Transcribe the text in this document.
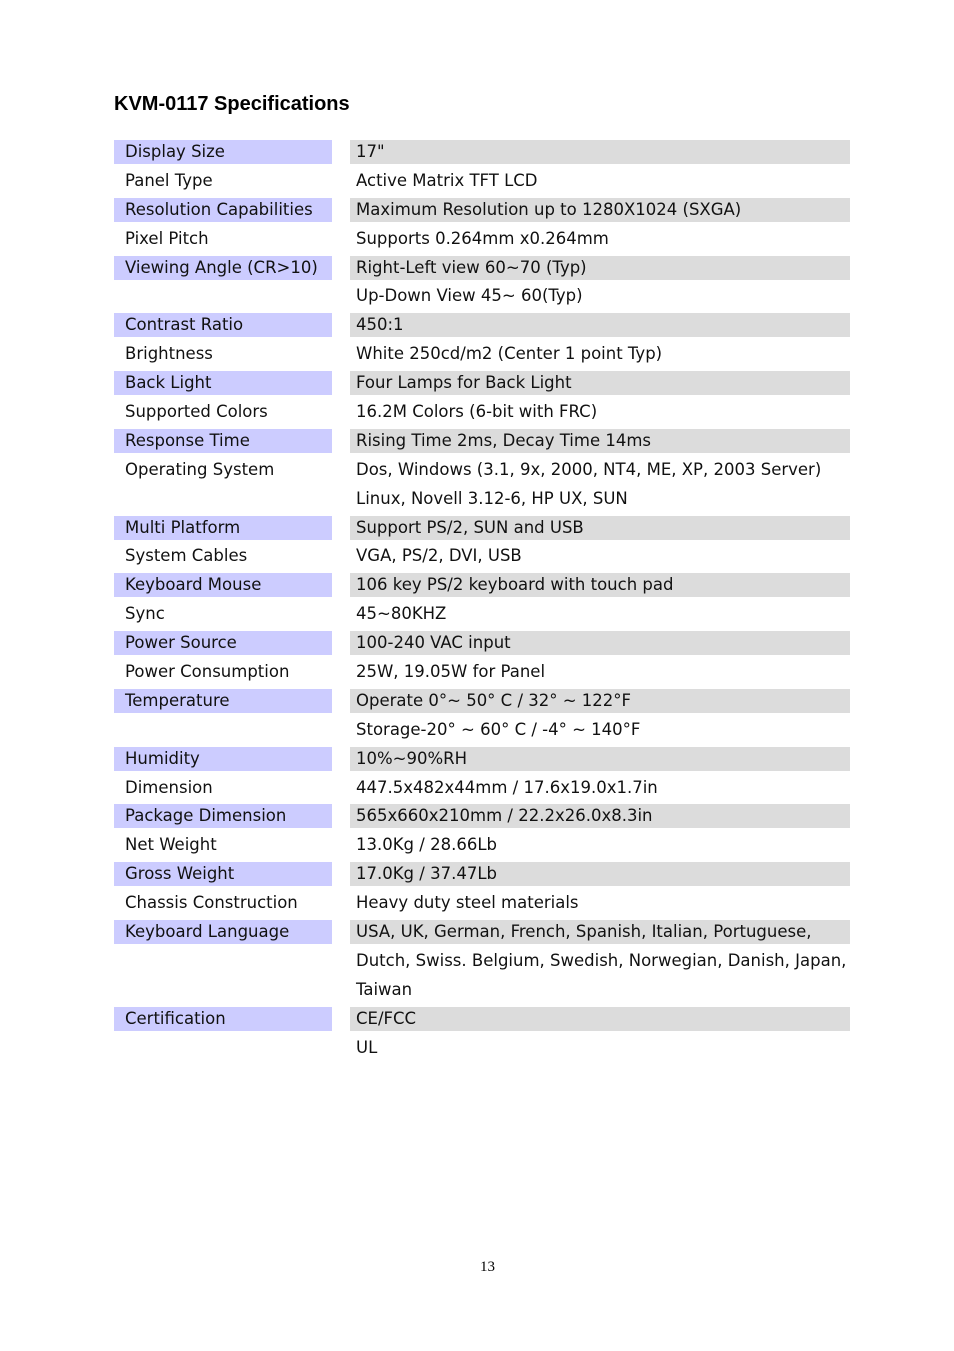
KVM-0117 Specifications
Display Size	17"
Panel Type	Active Matrix TFT LCD
Resolution Capabilities	Maximum Resolution up to 1280X1024 (SXGA)
Pixel Pitch	Supports 0.264mm x0.264mm
Viewing Angle (CR>10)	Right-Left view 60~70 (Typ)
Up-Down View 45~ 60(Typ)
Contrast Ratio	450:1
Brightness	White 250cd/m2 (Center 1 point Typ)
Back Light	Four Lamps for Back Light
Supported Colors	16.2M Colors (6-bit with FRC)
Response Time	Rising Time 2ms, Decay Time 14ms
Operating System	Dos, Windows (3.1, 9x, 2000, NT4, ME, XP, 2003 Server)
Linux, Novell 3.12-6, HP UX, SUN
Multi Platform	Support PS/2, SUN and USB
System Cables	VGA, PS/2, DVI, USB
Keyboard Mouse	106 key PS/2 keyboard with touch pad
Sync	45~80KHZ
Power Source	100-240 VAC input
Power Consumption	25W, 19.05W for Panel
Temperature	Operate 0°~ 50° C / 32° ~ 122°F
Storage-20° ~ 60° C / -4° ~ 140°F
Humidity	10%~90%RH
Dimension	447.5x482x44mm / 17.6x19.0x1.7in
Package Dimension	565x660x210mm / 22.2x26.0x8.3in
Net Weight	13.0Kg / 28.66Lb
Gross Weight	17.0Kg / 37.47Lb
Chassis Construction	Heavy duty steel materials
Keyboard Language	USA, UK, German, French, Spanish, Italian, Portuguese,
Dutch, Swiss. Belgium, Swedish, Norwegian, Danish, Japan,
Taiwan
Certification	CE/FCC
UL
13
